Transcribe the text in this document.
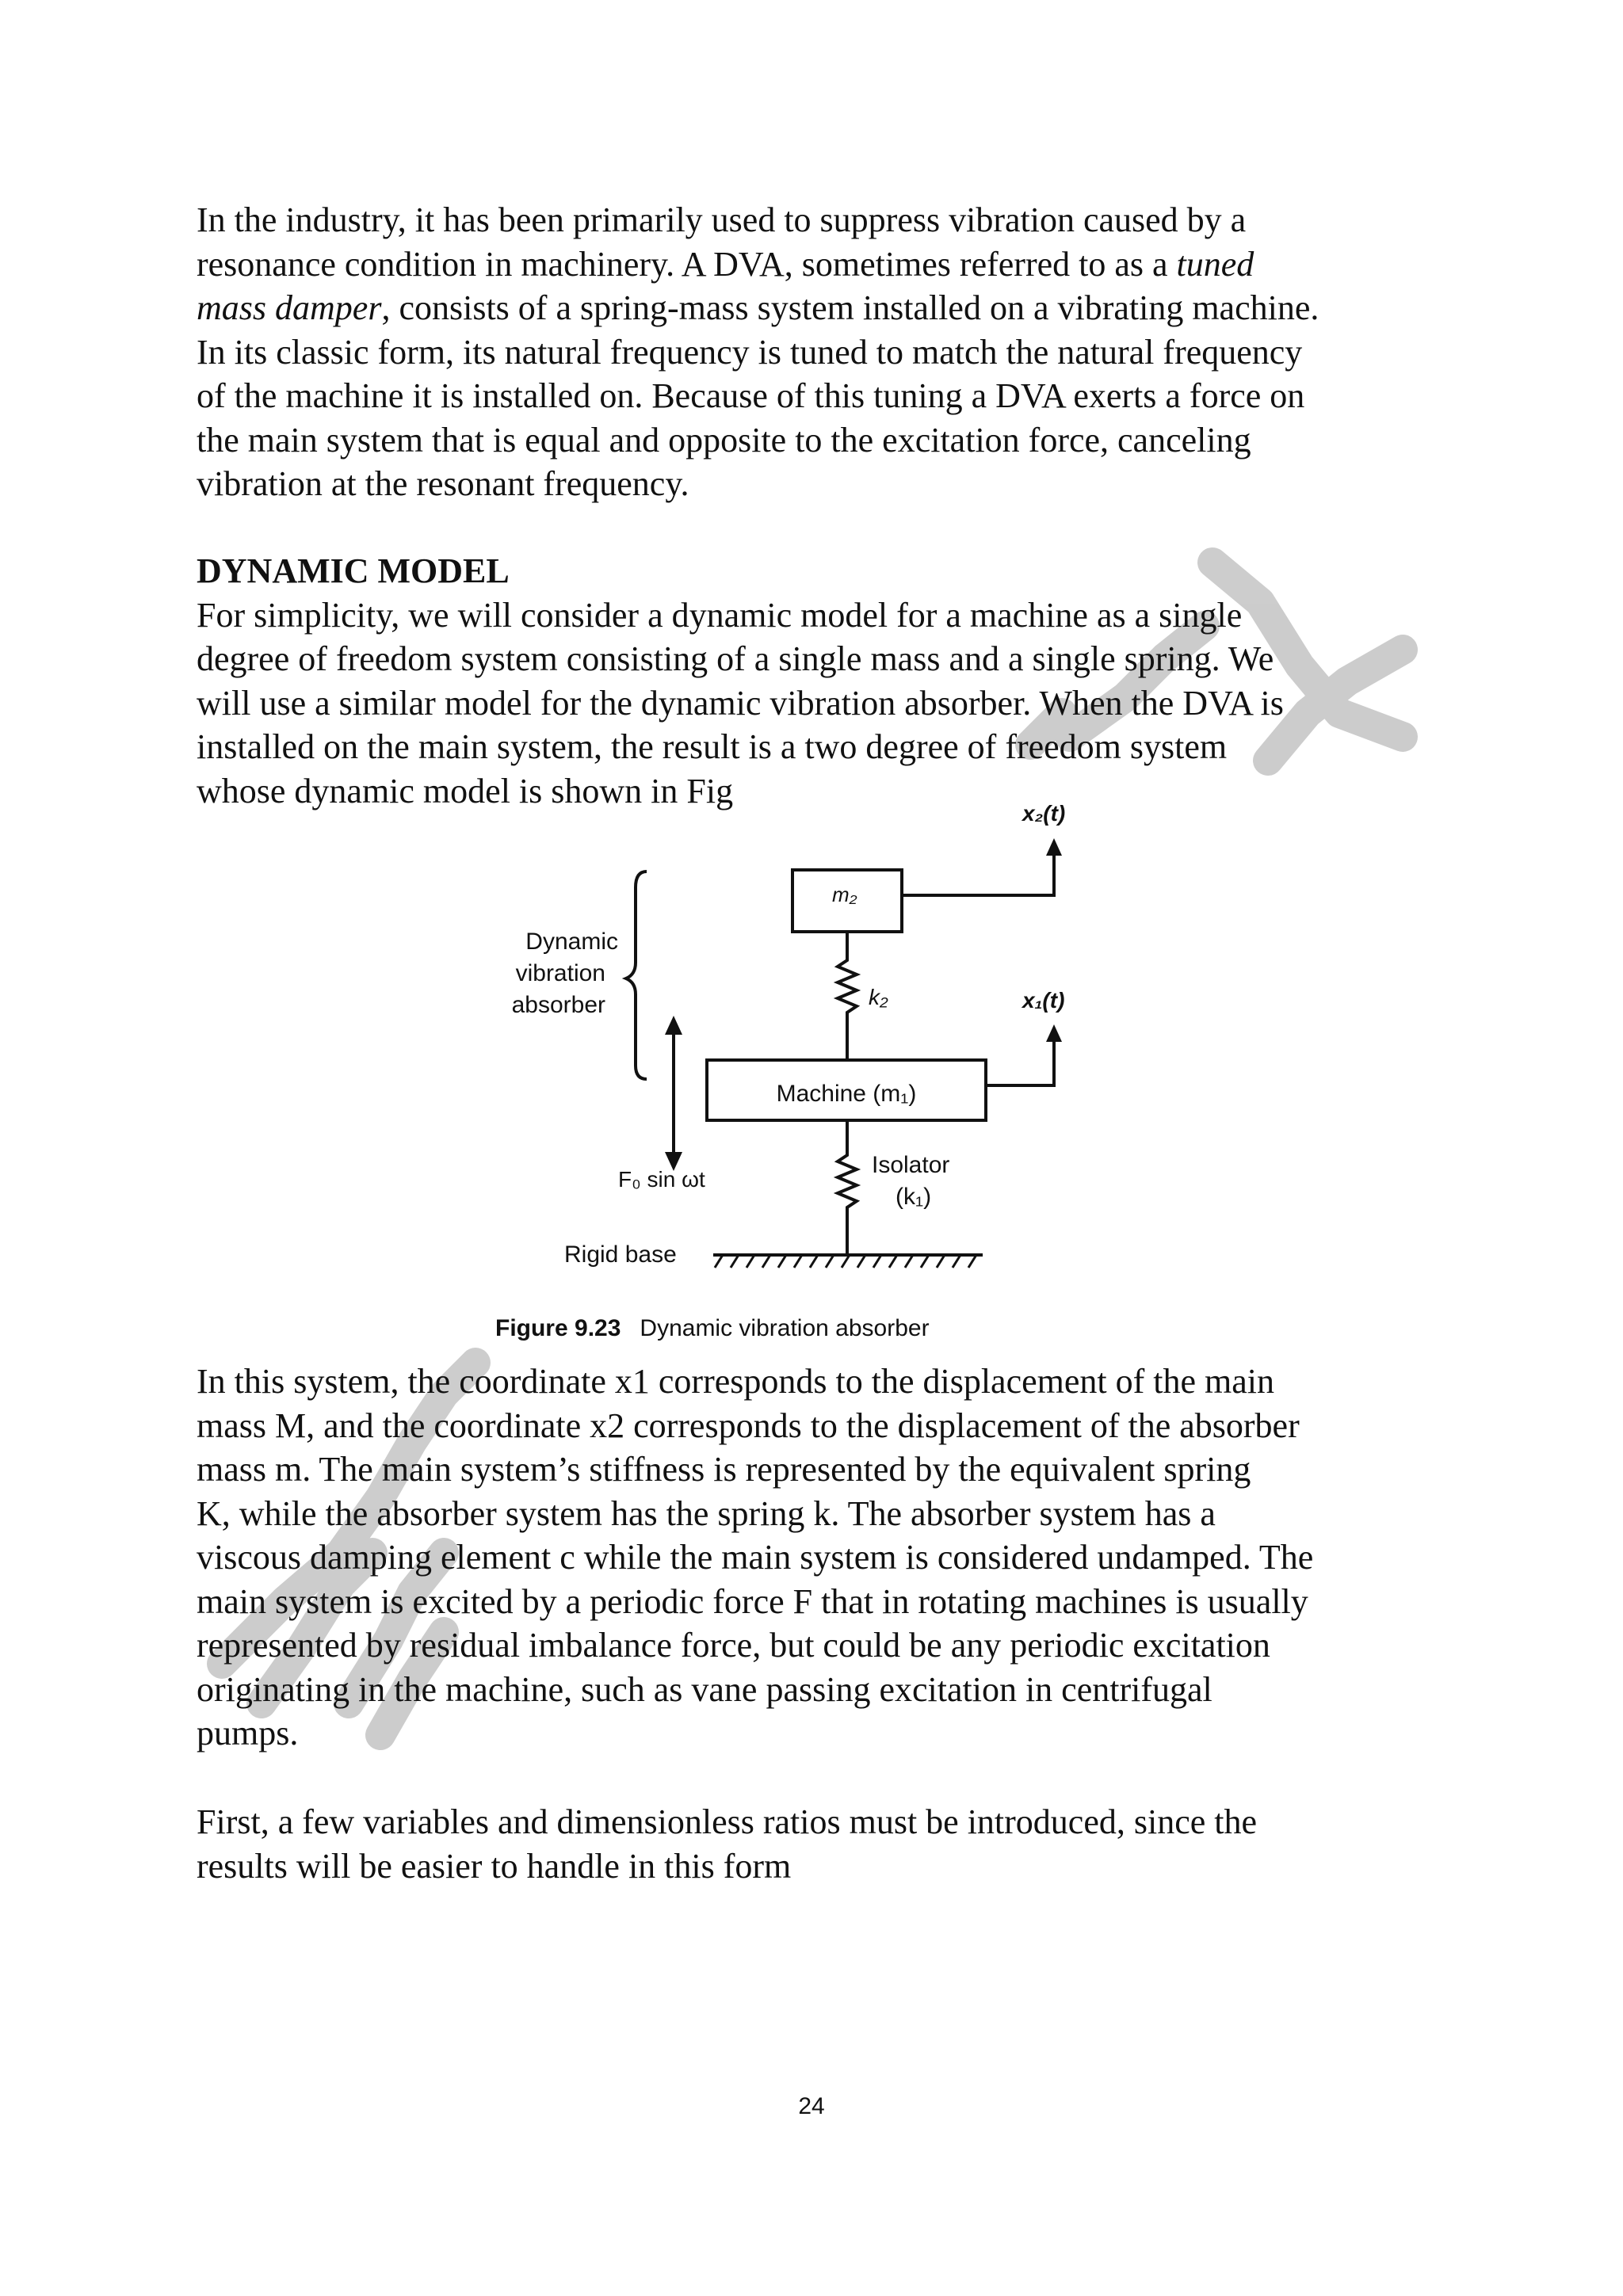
In the industry, it has been primarily used to suppress vibration caused by a
resonance condition in machinery. A DVA, sometimes referred to as a tuned
mass damper, consists of a spring-mass system installed on a vibrating machine.
In its classic form, its natural frequency is tuned to match the natural frequency
of the machine it is installed on. Because of this tuning a DVA exerts a force on
the main system that is equal and opposite to the excitation force, canceling
vibration at the resonant frequency.
DYNAMIC MODEL
For simplicity, we will consider a dynamic model for a machine as a single
degree of freedom system consisting of a single mass and a single spring. We
will use a similar model for the dynamic vibration absorber. When the DVA is
installed on the main system, the result is a two degree of freedom system
whose dynamic model is shown in Fig
m₂
x₂(t)
k₂	x₁(t)
Dynamic
vibration
absorber
Machine (m₁)
F₀ sin ωt
Isolator
(k₁)
Rigid base
Figure 9.23 Dynamic vibration absorber
In this system, the coordinate x1 corresponds to the displacement of the main
mass M, and the coordinate x2 corresponds to the displacement of the absorber
mass m. The main system’s stiffness is represented by the equivalent spring
K, while the absorber system has the spring k. The absorber system has a
viscous damping element c while the main system is considered undamped. The
main system is excited by a periodic force F that in rotating machines is usually
represented by residual imbalance force, but could be any periodic excitation
originating in the machine, such as vane passing excitation in centrifugal
pumps.
First, a few variables and dimensionless ratios must be introduced, since the
results will be easier to handle in this form
24
